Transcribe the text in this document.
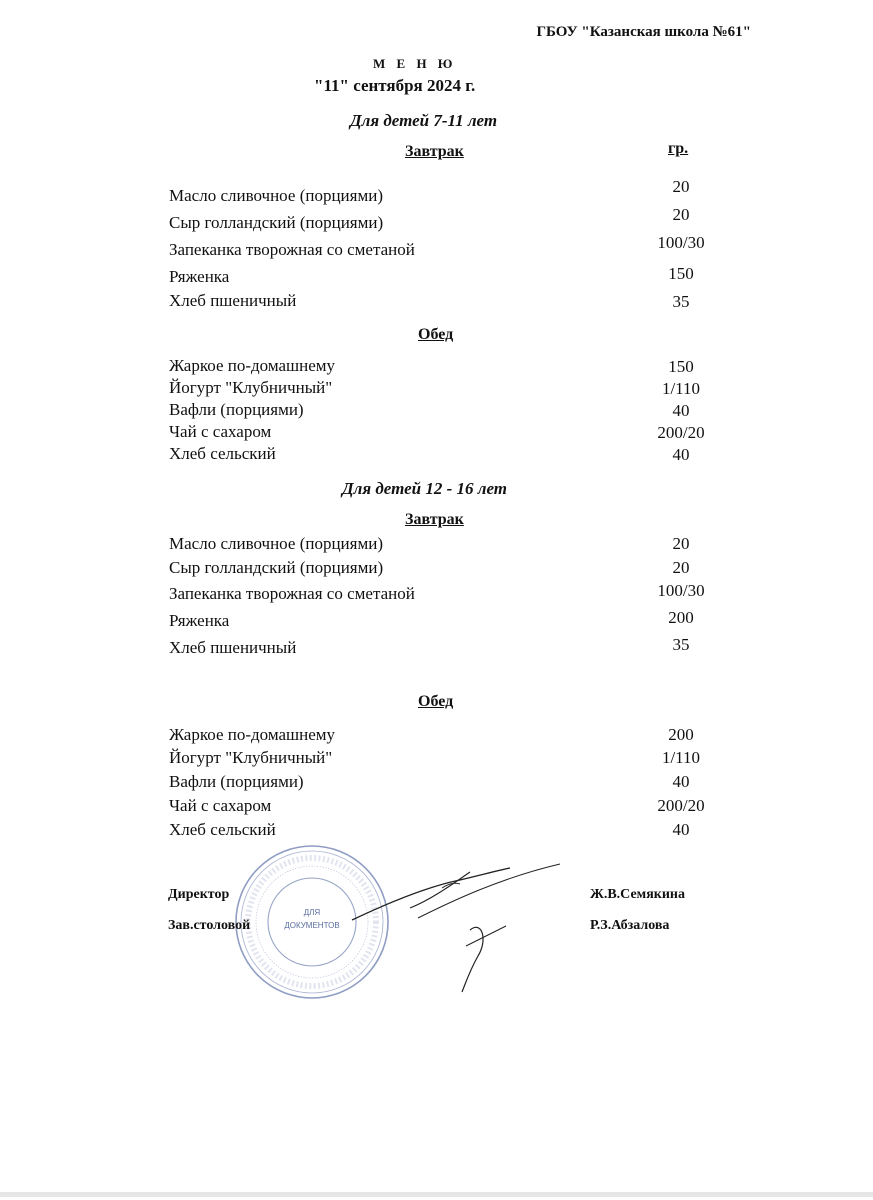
ГБОУ "Казанская школа №61"
М Е Н Ю
"11" сентября 2024 г.
Для детей 7-11 лет
Завтрак	гр.
Масло сливочное (порциями)	20
Сыр голландский (порциями)	20
Запеканка творожная со сметаной	100/30
Ряженка	150
Хлеб пшеничный	35
Обед
Жаркое по-домашнему	150
Йогурт "Клубничный"	1/110
Вафли (порциями)	40
Чай с сахаром	200/20
Хлеб сельский	40
Для детей 12 - 16 лет
Завтрак
Масло сливочное (порциями)	20
Сыр голландский (порциями)	20
Запеканка творожная со сметаной	100/30
Ряженка	200
Хлеб пшеничный	35
Обед
Жаркое по-домашнему	200
Йогурт "Клубничный"	1/110
Вафли (порциями)	40
Чай с сахаром	200/20
Хлеб сельский	40
ДЛЯ
ДОКУМЕНТОВ
Директор	Ж.В.Семякина
Зав.столовой	Р.З.Абзалова
